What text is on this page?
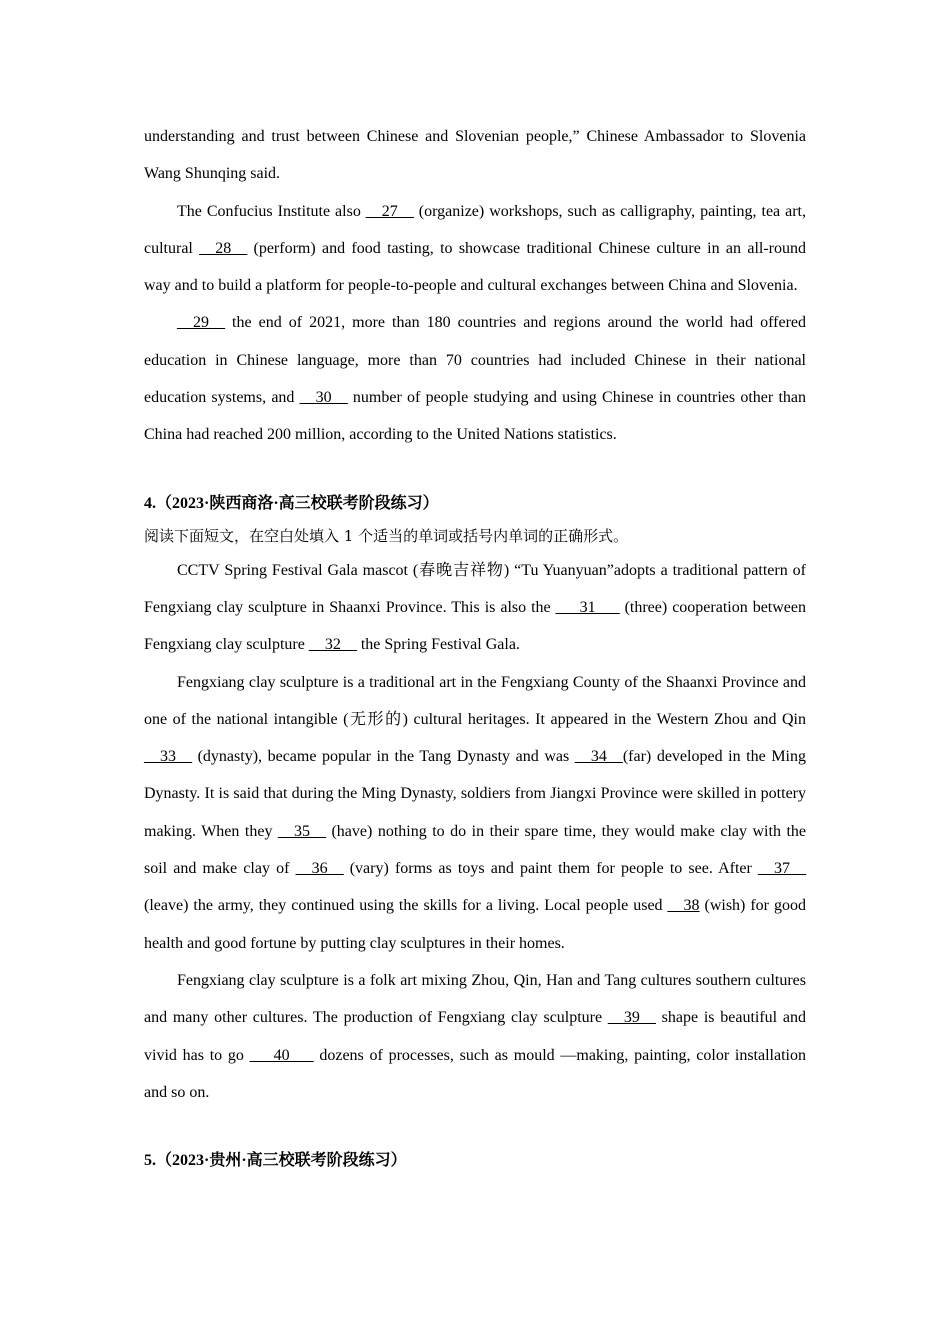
understanding and trust between Chinese and Slovenian people,” Chinese Ambassador to Slovenia Wang Shunqing said.

The Confucius Institute also __27__ (organize) workshops, such as calligraphy, painting, tea art, cultural __28__ (perform) and food tasting, to showcase traditional Chinese culture in an all-round way and to build a platform for people-to-people and cultural exchanges between China and Slovenia.

__29__ the end of 2021, more than 180 countries and regions around the world had offered education in Chinese language, more than 70 countries had included Chinese in their national education systems, and __30__ number of people studying and using Chinese in countries other than China had reached 200 million, according to the United Nations statistics.

4.（2023·陕西商洛·高三校联考阶段练习）

阅读下面短文，在空白处填入 1 个适当的单词或括号内单词的正确形式。

CCTV Spring Festival Gala mascot (春晚吉祥物) “Tu Yuanyuan”adopts a traditional pattern of Fengxiang clay sculpture in Shaanxi Province. This is also the ___31___ (three) cooperation between Fengxiang clay sculpture __32__ the Spring Festival Gala.

Fengxiang clay sculpture is a traditional art in the Fengxiang County of the Shaanxi Province and one of the national intangible (无形的) cultural heritages. It appeared in the Western Zhou and Qin __33__ (dynasty), became popular in the Tang Dynasty and was __34__(far) developed in the Ming Dynasty. It is said that during the Ming Dynasty, soldiers from Jiangxi Province were skilled in pottery making. When they __35__ (have) nothing to do in their spare time, they would make clay with the soil and make clay of __36__ (vary) forms as toys and paint them for people to see. After __37__ (leave) the army, they continued using the skills for a living. Local people used __38 (wish) for good health and good fortune by putting clay sculptures in their homes.

Fengxiang clay sculpture is a folk art mixing Zhou, Qin, Han and Tang cultures southern cultures and many other cultures. The production of Fengxiang clay sculpture __39__ shape is beautiful and vivid has to go ___40___ dozens of processes, such as mould —making, painting, color installation and so on.

5.（2023·贵州·高三校联考阶段练习）
